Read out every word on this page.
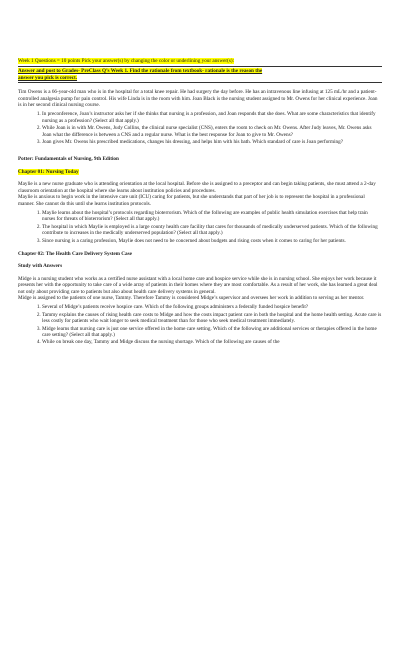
Week 1 Questions = 10 points Pick your answer(s) by changing the color or underlining your answer(s):

Answer and post to Grades- PreClass Q’s Week 1. Find the rationale from textbook- rationale is the reason the

answer you pick is correct.

Tim Owens is a 66-year-old man who is in the hospital for a total knee repair. He had surgery the day before. He has an intravenous line infusing at 125 mL/hr and a patient-controlled analgesia pump for pain control. His wife Linda is in the room with him. Joan Black is the nursing student assigned to Mr. Owens for her clinical experience. Joan is in her second clinical nursing course.

1. In preconference, Joan’s instructor asks her if she thinks that nursing is a profession, and Joan responds that she does. What are some characteristics that identify nursing as a profession? (Select all that apply.)
2. While Joan is in with Mr. Owens, Judy Collins, the clinical nurse specialist (CNS), enters the room to check on Mr. Owens. After Judy leaves, Mr. Owens asks Joan what the difference is between a CNS and a regular nurse. What is the best response for Joan to give to Mr. Owens?
3. Joan gives Mr. Owens his prescribed medications, changes his dressing, and helps him with his bath. Which standard of care is Joan performing?

Potter: Fundamentals of Nursing, 9th Edition

Chapter 01: Nursing Today

Maylie is a new nurse graduate who is attending orientation at the local hospital. Before she is assigned to a preceptor and can begin taking patients, she must attend a 2-day classroom orientation at the hospital where she learns about institution policies and procedures.

Maylie is anxious to begin work in the intensive care unit (ICU) caring for patients, but she understands that part of her job is to represent the hospital in a professional manner. She cannot do this until she learns institution protocols.

1. Maylie learns about the hospital’s protocols regarding bioterrorism. Which of the following are examples of public health simulation exercises that help train nurses for threats of bioterrorism? (Select all that apply.)
2. The hospital in which Maylie is employed is a large county health care facility that cares for thousands of medically underserved patients. Which of the following contribute to increases in the medically underserved population? (Select all that apply.)
3. Since nursing is a caring profession, Maylie does not need to be concerned about budgets and rising costs when it comes to caring for her patients.

Chapter 02: The Health Care Delivery System Case

Study with Answers

Midge is a nursing student who works as a certified nurse assistant with a local home care and hospice service while she is in nursing school. She enjoys her work because it presents her with the opportunity to take care of a wide array of patients in their homes where they are most comfortable. As a result of her work, she has learned a great deal not only about providing care to patients but also about health care delivery systems in general.

Midge is assigned to the patients of one nurse, Tammy. Therefore Tammy is considered Midge’s supervisor and oversees her work in addition to serving as her mentor.

1. Several of Midge’s patients receive hospice care. Which of the following groups administers a federally funded hospice benefit?
2. Tammy explains the causes of rising health care costs to Midge and how the costs impact patient care in both the hospital and the home health setting. Acute care is less costly for patients who wait longer to seek medical treatment than for those who seek medical treatment immediately.
3. Midge learns that nursing care is just one service offered in the home care setting. Which of the following are additional services or therapies offered in the home care setting? (Select all that apply.)
4. While on break one day, Tammy and Midge discuss the nursing shortage. Which of the following are causes of the
